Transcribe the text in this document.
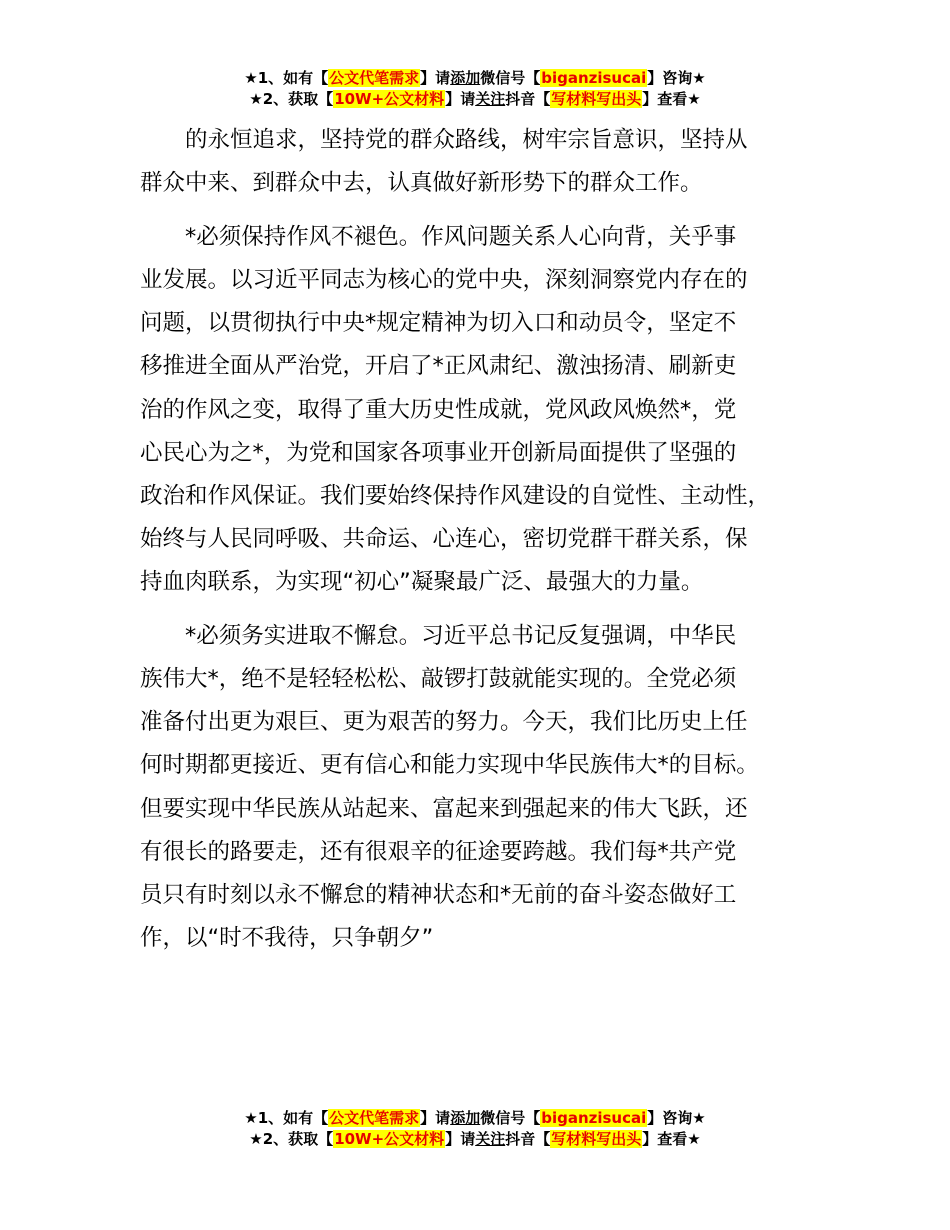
★1、如有【公文代笔需求】请添加微信号【biganzisucai】咨询★
★2、获取【10W+公文材料】请关注抖音【写材料写出头】查看★
的永恒追求，坚持党的群众路线，树牢宗旨意识，坚持从
群众中来、到群众中去，认真做好新形势下的群众工作。
*必须保持作风不褪色。作风问题关系人心向背，关乎事
业发展。以习近平同志为核心的党中央，深刻洞察党内存在的
问题，以贯彻执行中央*规定精神为切入口和动员令，坚定不
移推进全面从严治党，开启了*正风肃纪、激浊扬清、刷新吏
治的作风之变，取得了重大历史性成就，党风政风焕然*，党
心民心为之*，为党和国家各项事业开创新局面提供了坚强的
政治和作风保证。我们要始终保持作风建设的自觉性、主动性，
始终与人民同呼吸、共命运、心连心，密切党群干群关系，保
持血肉联系，为实现“初心”凝聚最广泛、最强大的力量。
*必须务实进取不懈怠。习近平总书记反复强调，中华民
族伟大*，绝不是轻轻松松、敲锣打鼓就能实现的。全党必须
准备付出更为艰巨、更为艰苦的努力。今天，我们比历史上任
何时期都更接近、更有信心和能力实现中华民族伟大*的目标。
但要实现中华民族从站起来、富起来到强起来的伟大飞跃，还
有很长的路要走，还有很艰辛的征途要跨越。我们每*共产党
员只有时刻以永不懈怠的精神状态和*无前的奋斗姿态做好工
作，以“时不我待，只争朝夕”
★1、如有【公文代笔需求】请添加微信号【biganzisucai】咨询★
★2、获取【10W+公文材料】请关注抖音【写材料写出头】查看★
